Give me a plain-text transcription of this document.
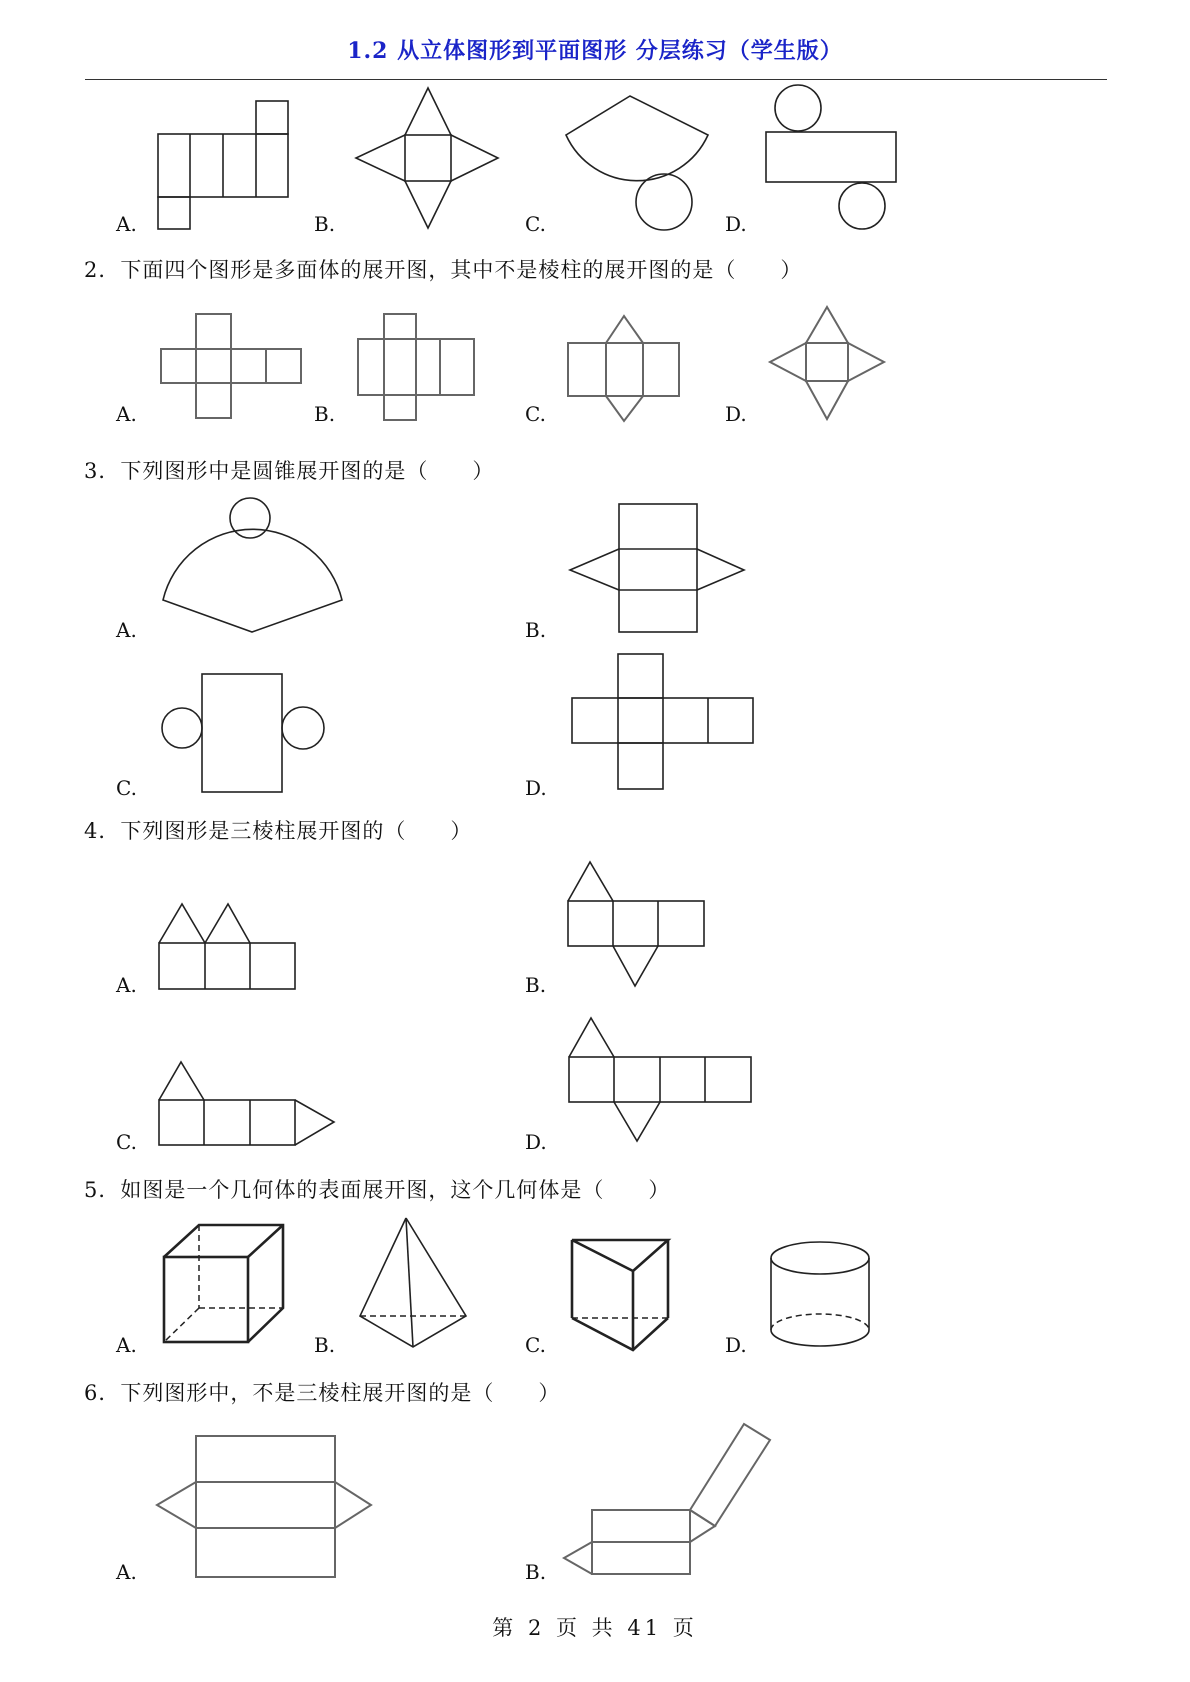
1.2 从立体图形到平面图形 分层练习（学生版）
A.	B.	C.	D.
2．下面四个图形是多面体的展开图，其中不是棱柱的展开图的是（　　）
A.	B.	C.	D.
3．下列图形中是圆锥展开图的是（　　）
A.	B.
C.	D.
4．下列图形是三棱柱展开图的（　　）
A.	B.
C.	D.
5．如图是一个几何体的表面展开图，这个几何体是（　　）
A.	B.	C.	D.
6．下列图形中，不是三棱柱展开图的是（　　）
A.	B.
第 2 页 共 41 页
